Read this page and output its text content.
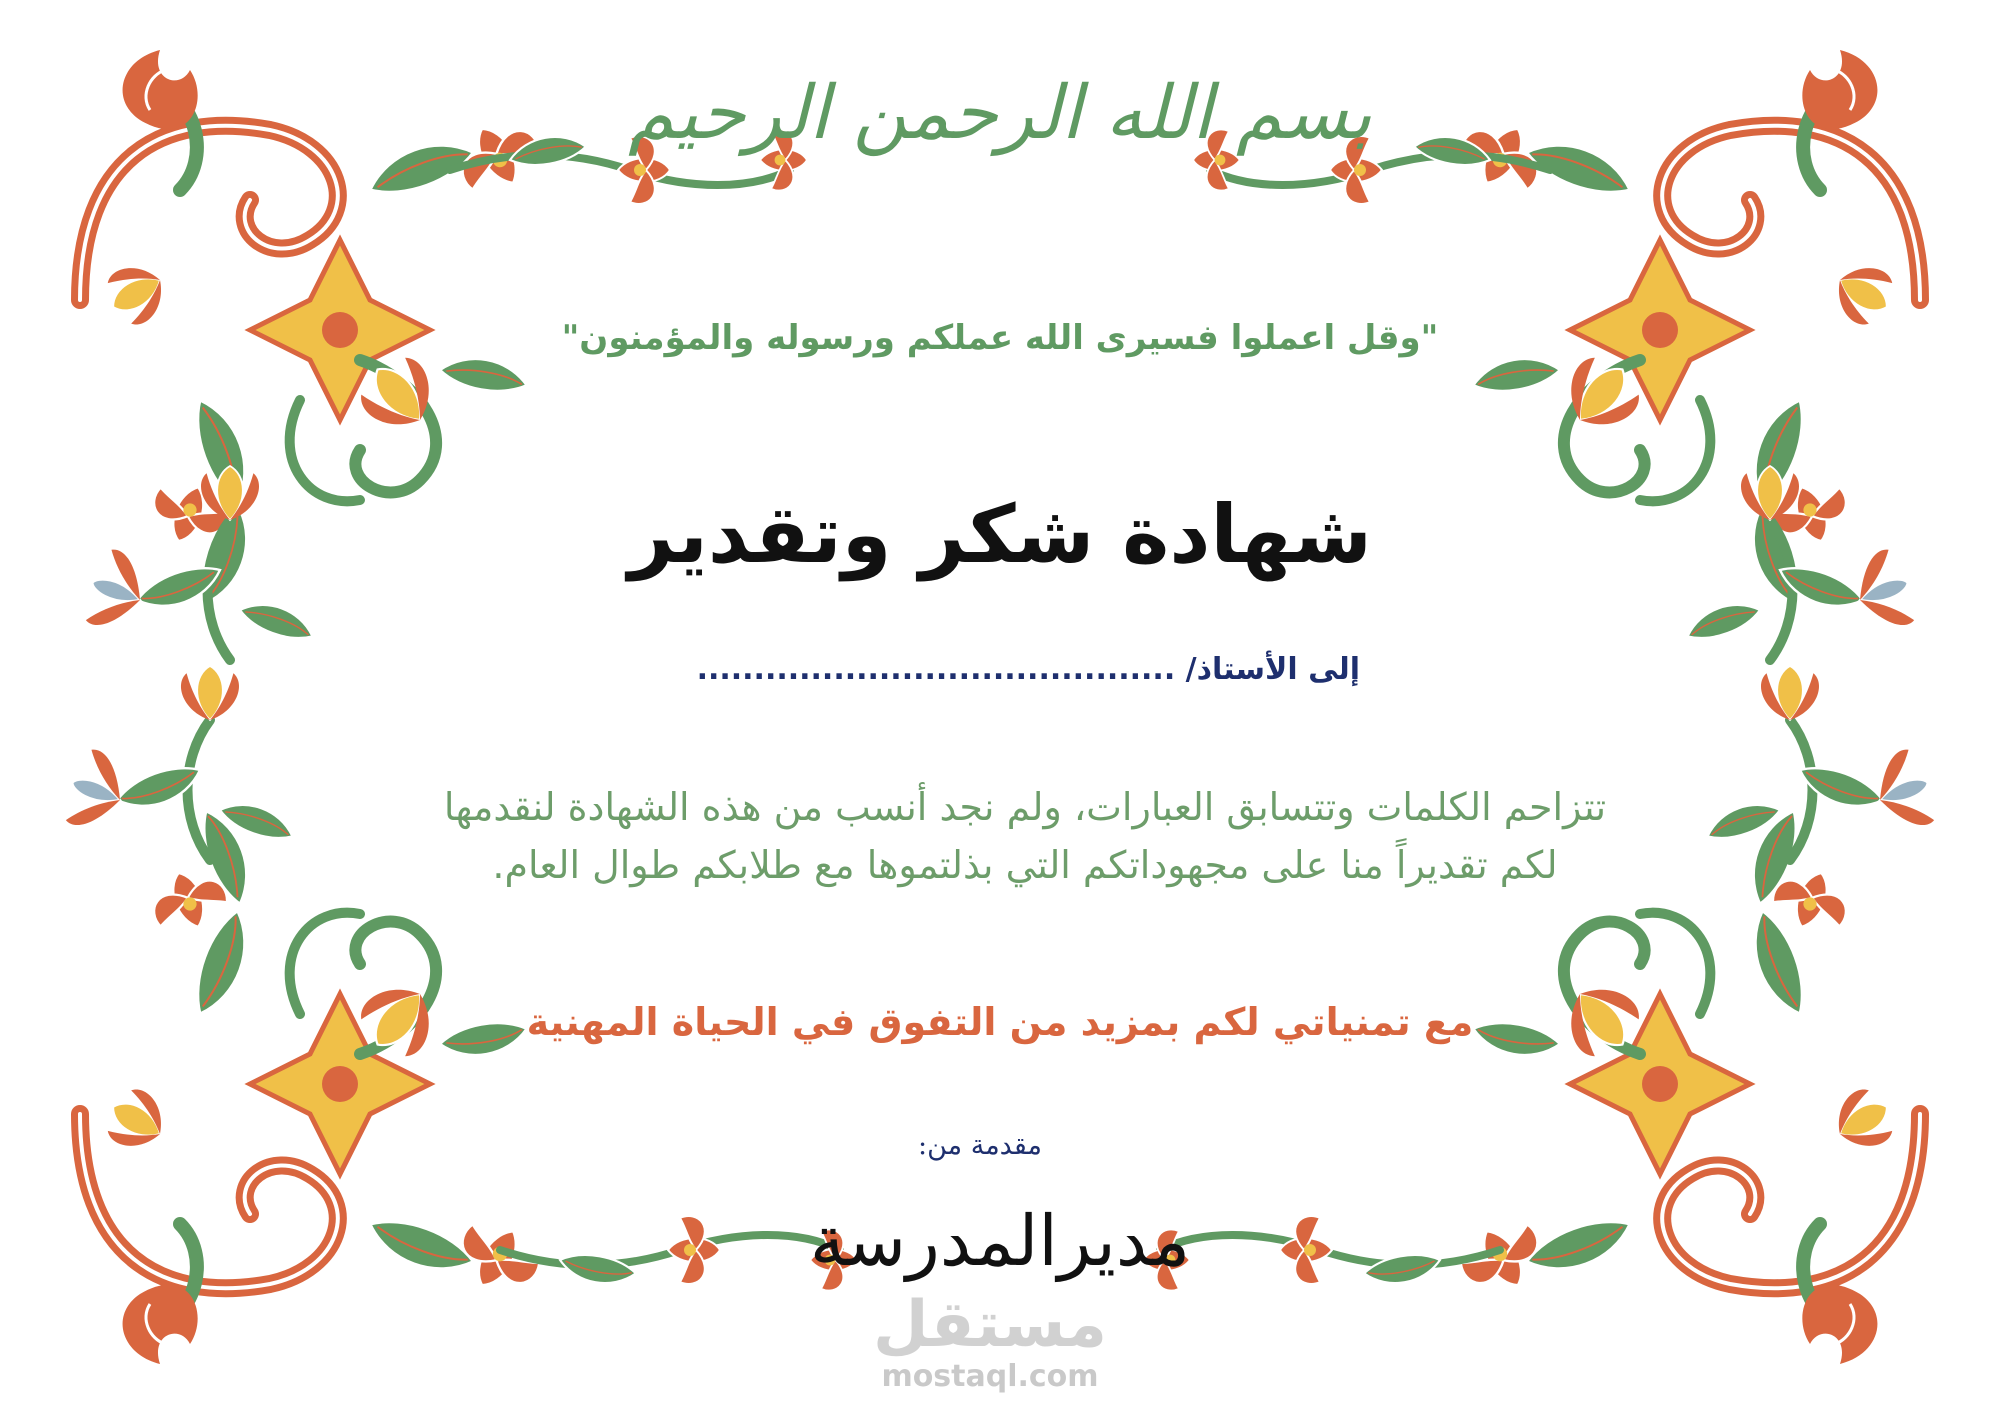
بسم الله الرحمن الرحيم
"وقل اعملوا فسيرى الله عملكم ورسوله والمؤمنون"
شهادة شكر وتقدير
إلى الأستاذ/ ..........................................
تتزاحم الكلمات وتتسابق العبارات، ولم نجد أنسب من هذه الشهادة لنقدمها
لكم تقديراً منا على مجهوداتكم التي بذلتموها مع طلابكم طوال العام.
مع تمنياتي لكم بمزيد من التفوق في الحياة المهنية
مقدمة من:
مديرالمدرسة
مستقل
mostaql.com
